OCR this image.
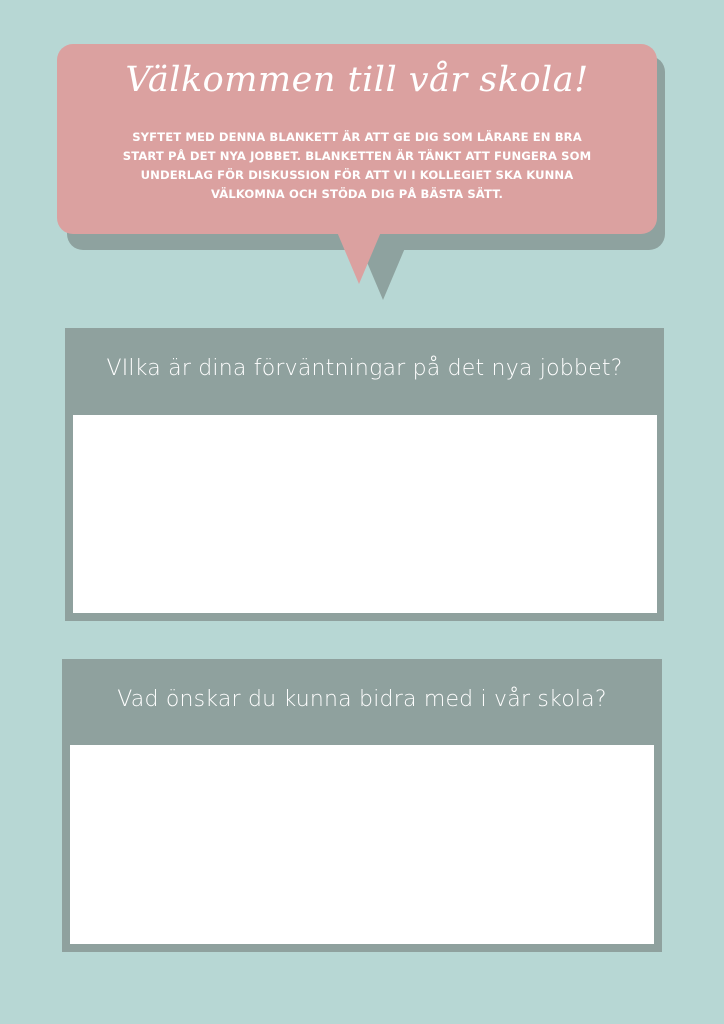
Välkommen till vår skola!
SYFTET MED DENNA BLANKETT ÄR ATT GE DIG SOM LÄRARE EN BRA
START PÅ DET NYA JOBBET. BLANKETTEN ÄR TÄNKT ATT FUNGERA SOM
UNDERLAG FÖR DISKUSSION FÖR ATT VI I KOLLEGIET SKA KUNNA
VÄLKOMNA OCH STÖDA DIG PÅ BÄSTA SÄTT.
VIlka är dina förväntningar på det nya jobbet?
Vad önskar du kunna bidra med i vår skola?
